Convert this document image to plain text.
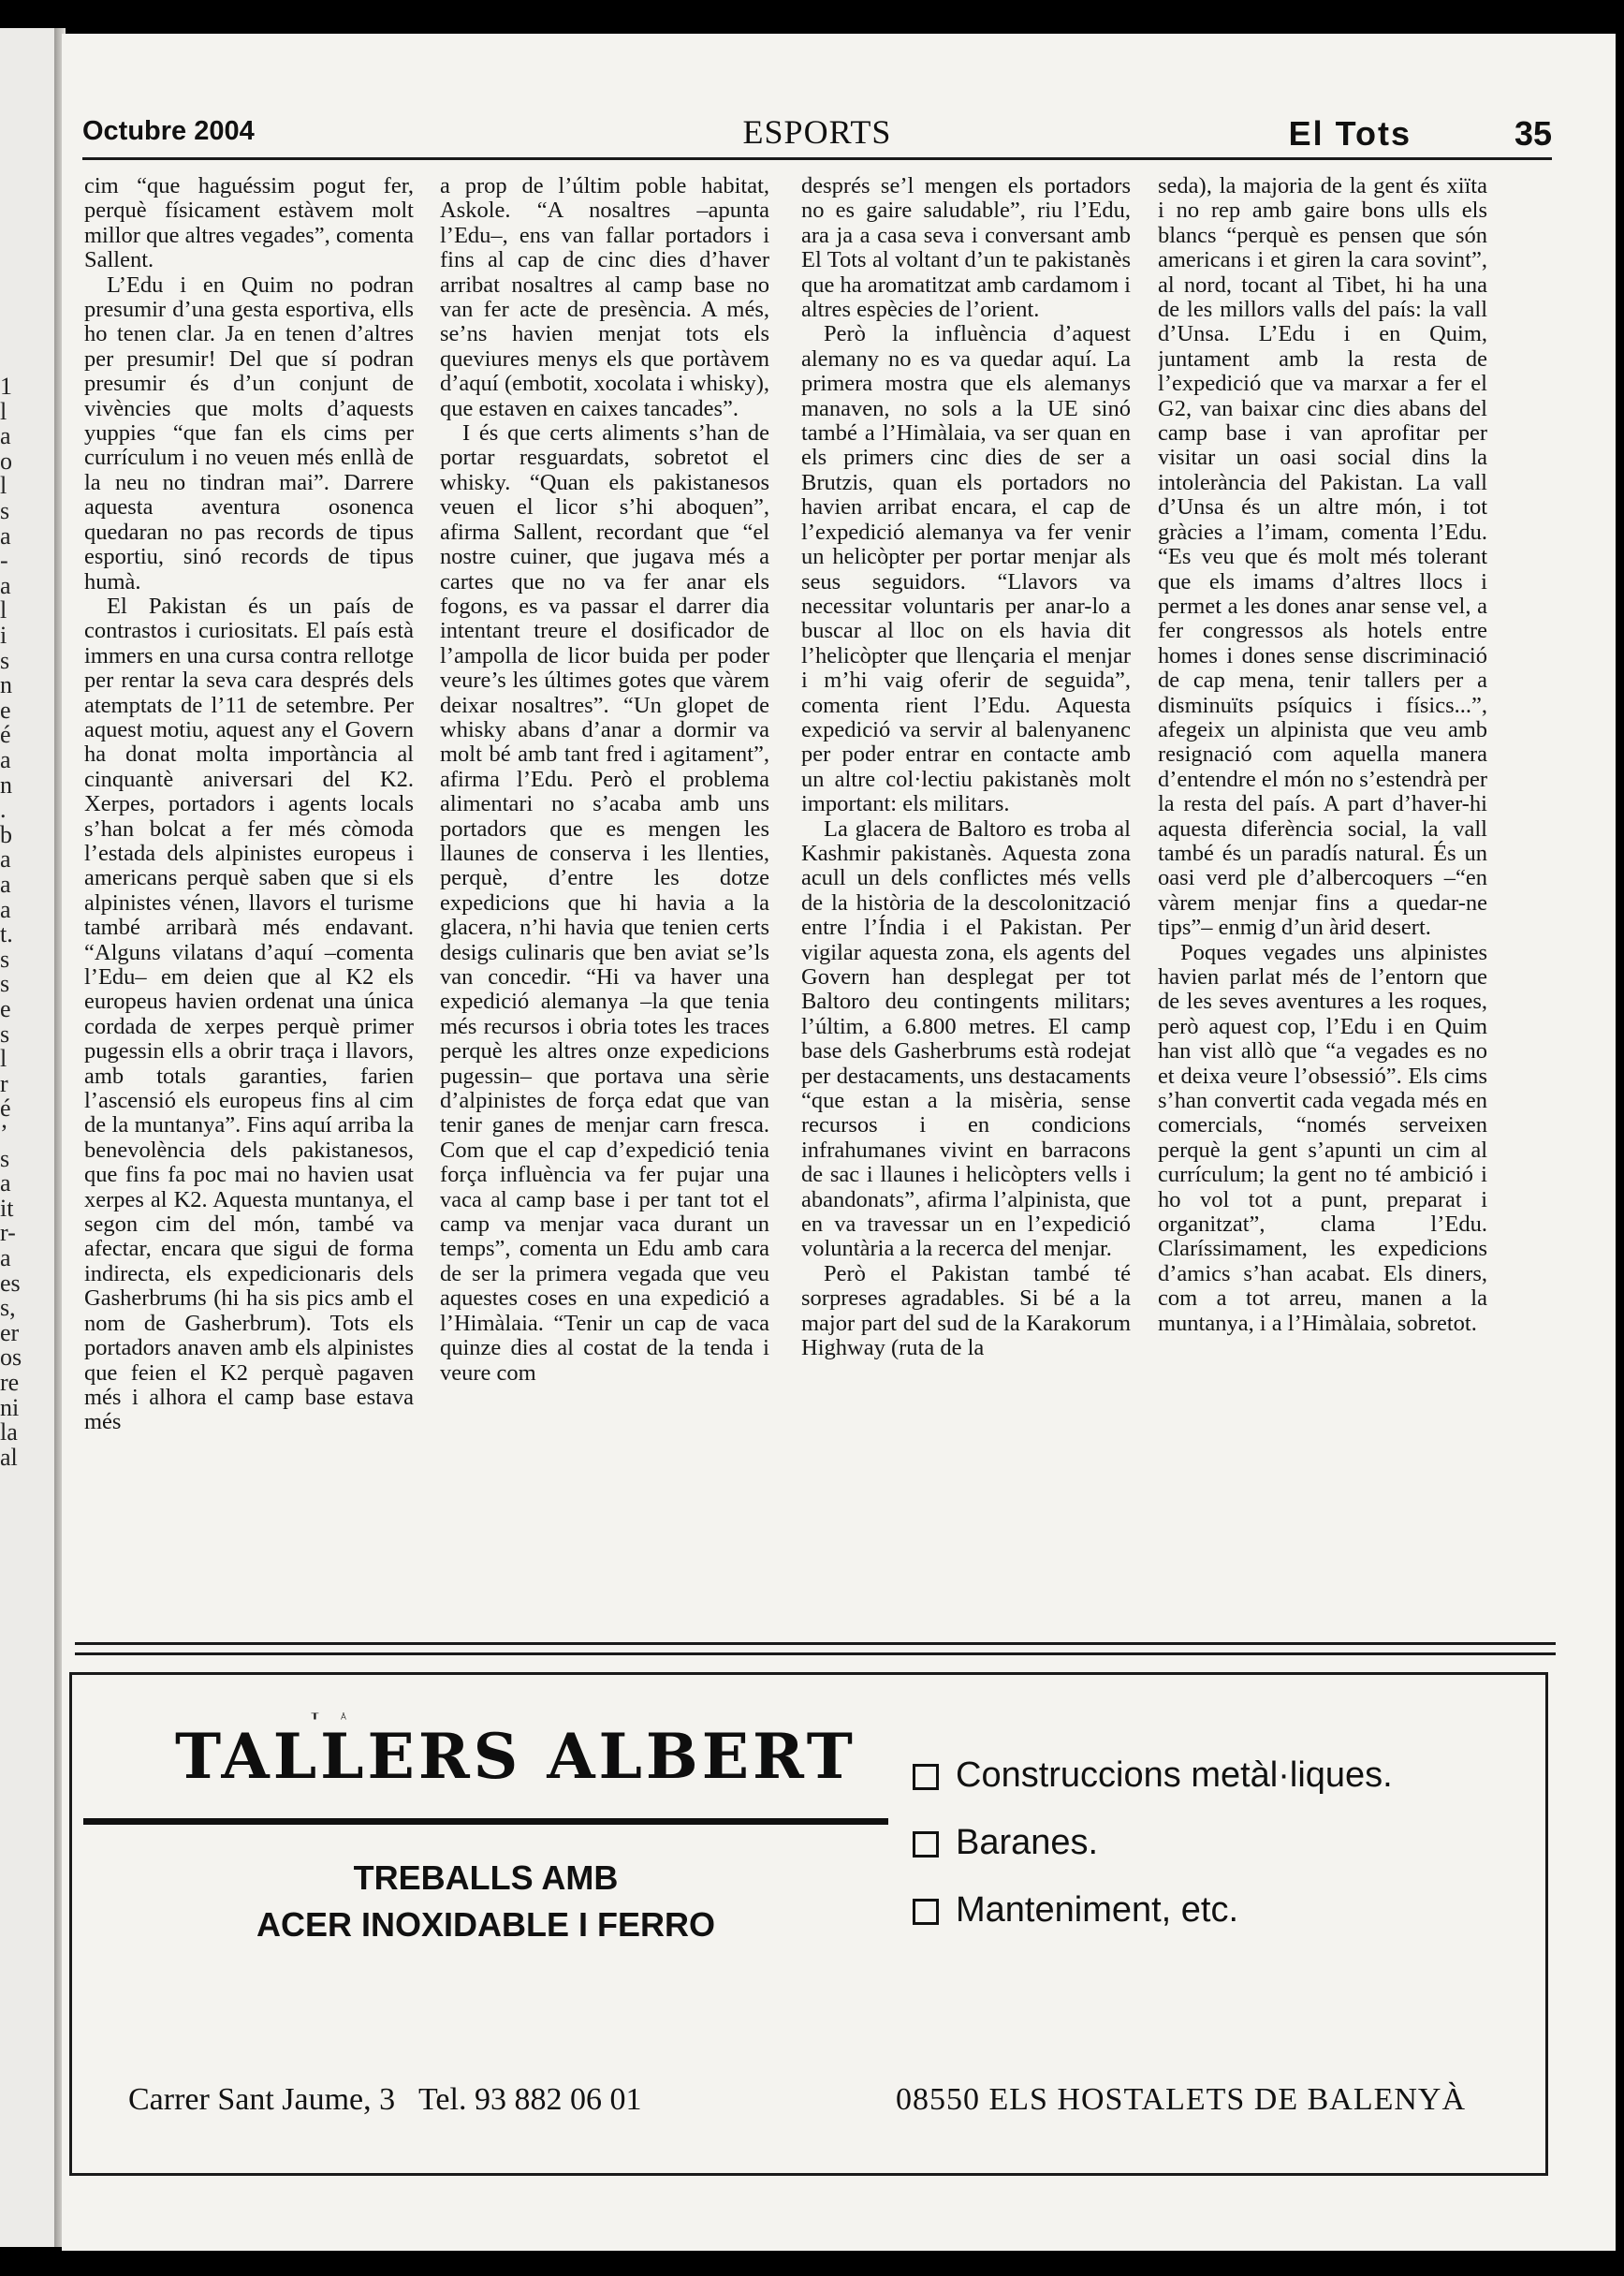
1
l
a
o
l
s
a
-
a
l
i
s
n
e
é
a
n
.
b
a
a
a
t.
s
s
e
s
l
r
é
’
s
a
it
r-
a
es
s,
er
os
re
ni
la
al
Octubre 2004	ESPORTS	El Tots	35

cim “que haguéssim pogut fer, perquè físicament estàvem molt millor que altres vegades”, comenta Sallent.

L’Edu i en Quim no podran presumir d’una gesta esportiva, ells ho tenen clar. Ja en tenen d’altres per presumir! Del que sí podran presumir és d’un conjunt de vivències que molts d’aquests yuppies “que fan els cims per currículum i no veuen més enllà de la neu no tindran mai”. Darrere aquesta aventura osonenca quedaran no pas records de tipus esportiu, sinó records de tipus humà.

El Pakistan és un país de contrastos i curiositats. El país està immers en una cursa contra rellotge per rentar la seva cara després dels atemptats de l’11 de setembre. Per aquest motiu, aquest any el Govern ha donat molta importància al cinquantè aniversari del K2. Xerpes, portadors i agents locals s’han bolcat a fer més còmoda l’estada dels alpinistes europeus i americans perquè saben que si els alpinistes vénen, llavors el turisme també arribarà més endavant. “Alguns vilatans d’aquí –comenta l’Edu– em deien que al K2 els europeus havien ordenat una única cordada de xerpes perquè primer pugessin ells a obrir traça i llavors, amb totals garanties, farien l’ascensió els europeus fins al cim de la muntanya”. Fins aquí arriba la benevolència dels pakistanesos, que fins fa poc mai no havien usat xerpes al K2. Aquesta muntanya, el segon cim del món, també va afectar, encara que sigui de forma indirecta, els expedicionaris dels Gasherbrums (hi ha sis pics amb el nom de Gasherbrum). Tots els portadors anaven amb els alpinistes que feien el K2 perquè pagaven més i alhora el camp base estava més

a prop de l’últim poble habitat, Askole. “A nosaltres –apunta l’Edu–, ens van fallar portadors i fins al cap de cinc dies d’haver arribat nosaltres al camp base no van fer acte de presència. A més, se’ns havien menjat tots els queviures menys els que portàvem d’aquí (embotit, xocolata i whisky), que estaven en caixes tancades”.

I és que certs aliments s’han de portar resguardats, sobretot el whisky. “Quan els pakistanesos veuen el licor s’hi aboquen”, afirma Sallent, recordant que “el nostre cuiner, que jugava més a cartes que no va fer anar els fogons, es va passar el darrer dia intentant treure el dosificador de l’ampolla de licor buida per poder veure’s les últimes gotes que vàrem deixar nosaltres”. “Un glopet de whisky abans d’anar a dormir va molt bé amb tant fred i agitament”, afirma l’Edu. Però el problema alimentari no s’acaba amb uns portadors que es mengen les llaunes de conserva i les llenties, perquè, d’entre les dotze expedicions que hi havia a la glacera, n’hi havia que tenien certs desigs culinaris que ben aviat se’ls van concedir. “Hi va haver una expedició alemanya –la que tenia més recursos i obria totes les traces perquè les altres onze expedicions pugessin– que portava una sèrie d’alpinistes de força edat que van tenir ganes de menjar carn fresca. Com que el cap d’expedició tenia força influència va fer pujar una vaca al camp base i per tant tot el camp va menjar vaca durant un temps”, comenta un Edu amb cara de ser la primera vegada que veu aquestes coses en una expedició a l’Himàlaia. “Tenir un cap de vaca quinze dies al costat de la tenda i veure com

després se’l mengen els portadors no es gaire saludable”, riu l’Edu, ara ja a casa seva i conversant amb El Tots al voltant d’un te pakistanès que ha aromatitzat amb cardamom i altres espècies de l’orient.

Però la influència d’aquest alemany no es va quedar aquí. La primera mostra que els alemanys manaven, no sols a la UE sinó també a l’Himàlaia, va ser quan en els primers cinc dies de ser a Brutzis, quan els portadors no havien arribat encara, el cap de l’expedició alemanya va fer venir un helicòpter per portar menjar als seus seguidors. “Llavors va necessitar voluntaris per anar-lo a buscar al lloc on els havia dit l’helicòpter que llençaria el menjar i m’hi vaig oferir de seguida”, comenta rient l’Edu. Aquesta expedició va servir al balenyanenc per poder entrar en contacte amb un altre col·lectiu pakistanès molt important: els militars.

La glacera de Baltoro es troba al Kashmir pakistanès. Aquesta zona acull un dels conflictes més vells de la història de la descolonització entre l’Índia i el Pakistan. Per vigilar aquesta zona, els agents del Govern han desplegat per tot Baltoro deu contingents militars; l’últim, a 6.800 metres. El camp base dels Gasherbrums està rodejat per destacaments, uns destacaments “que estan a la misèria, sense recursos i en condicions infrahumanes vivint en barracons de sac i llaunes i helicòpters vells i abandonats”, afirma l’alpinista, que en va travessar un en l’expedició voluntària a la recerca del menjar.

Però el Pakistan també té sorpreses agradables. Si bé a la major part del sud de la Karakorum Highway (ruta de la

seda), la majoria de la gent és xiïta i no rep amb gaire bons ulls els blancs “perquè es pensen que són americans i et giren la cara sovint”, al nord, tocant al Tibet, hi ha una de les millors valls del país: la vall d’Unsa. L’Edu i en Quim, juntament amb la resta de l’expedició que va marxar a fer el G2, van baixar cinc dies abans del camp base i van aprofitar per visitar un oasi social dins la intolerància del Pakistan. La vall d’Unsa és un altre món, i tot gràcies a l’imam, comenta l’Edu. “Es veu que és molt més tolerant que els imams d’altres llocs i permet a les dones anar sense vel, a fer congressos als hotels entre homes i dones sense discriminació de cap mena, tenir tallers per a disminuïts psíquics i físics...”, afegeix un alpinista que veu amb resignació com aquella manera d’entendre el món no s’estendrà per la resta del país. A part d’haver-hi aquesta diferència social, la vall també és un paradís natural. És un oasi verd ple d’albercoquers –“en vàrem menjar fins a quedar-ne tips”– enmig d’un àrid desert.

Poques vegades uns alpinistes havien parlat més de l’entorn que de les seves aventures a les roques, però aquest cop, l’Edu i en Quim han vist allò que “a vegades es no et deixa veure l’obsessió”. Els cims s’han convertit cada vegada més en comercials, “només serveixen perquè la gent s’apunti un cim al currículum; la gent no té ambició i ho vol tot a punt, preparat i organitzat”, clama l’Edu. Claríssimament, les expedicions d’amics s’han acabat. Els diners, com a tot arreu, manen a la muntanya, i a l’Himàlaia, sobretot.

TALLERS ALBERT
TREBALLS AMB
ACER INOXIDABLE I FERRO
Construccions metàl·liques.
Baranes.
Manteniment, etc.
Carrer Sant Jaume, 3   Tel. 93 882 06 01	08550 ELS HOSTALETS DE BALENYÀ
